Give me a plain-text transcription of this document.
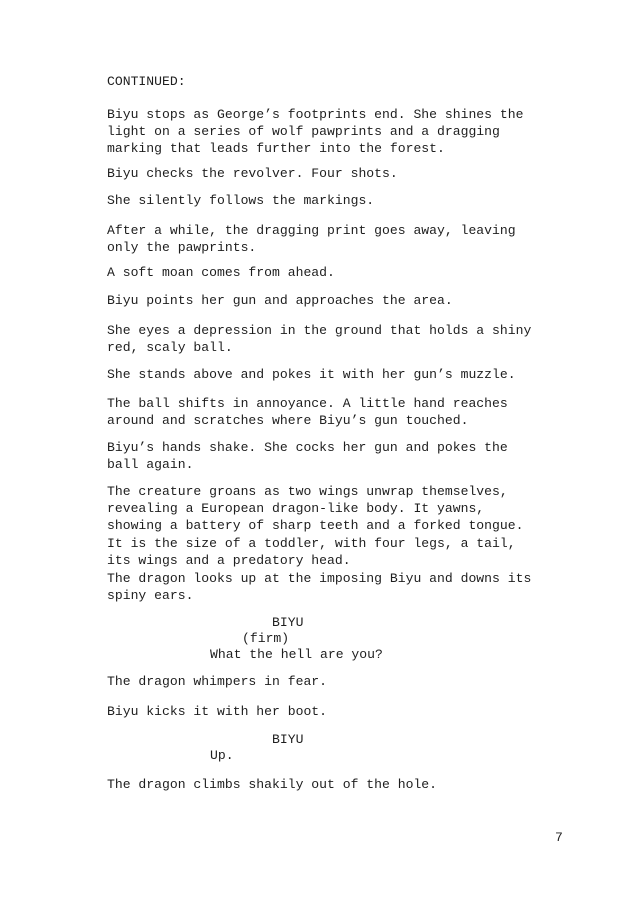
CONTINUED:
Biyu stops as George’s footprints end. She shines the
light on a series of wolf pawprints and a dragging
marking that leads further into the forest.
Biyu checks the revolver. Four shots.
She silently follows the markings.
After a while, the dragging print goes away, leaving
only the pawprints.
A soft moan comes from ahead.
Biyu points her gun and approaches the area.
She eyes a depression in the ground that holds a shiny
red, scaly ball.
She stands above and pokes it with her gun’s muzzle.
The ball shifts in annoyance. A little hand reaches
around and scratches where Biyu’s gun touched.
Biyu’s hands shake. She cocks her gun and pokes the
ball again.
The creature groans as two wings unwrap themselves,
revealing a European dragon-like body. It yawns,
showing a battery of sharp teeth and a forked tongue.
It is the size of a toddler, with four legs, a tail,
its wings and a predatory head.
The dragon looks up at the imposing Biyu and downs its
spiny ears.
BIYU
(firm)
What the hell are you?
The dragon whimpers in fear.
Biyu kicks it with her boot.
BIYU
Up.
The dragon climbs shakily out of the hole.
7
